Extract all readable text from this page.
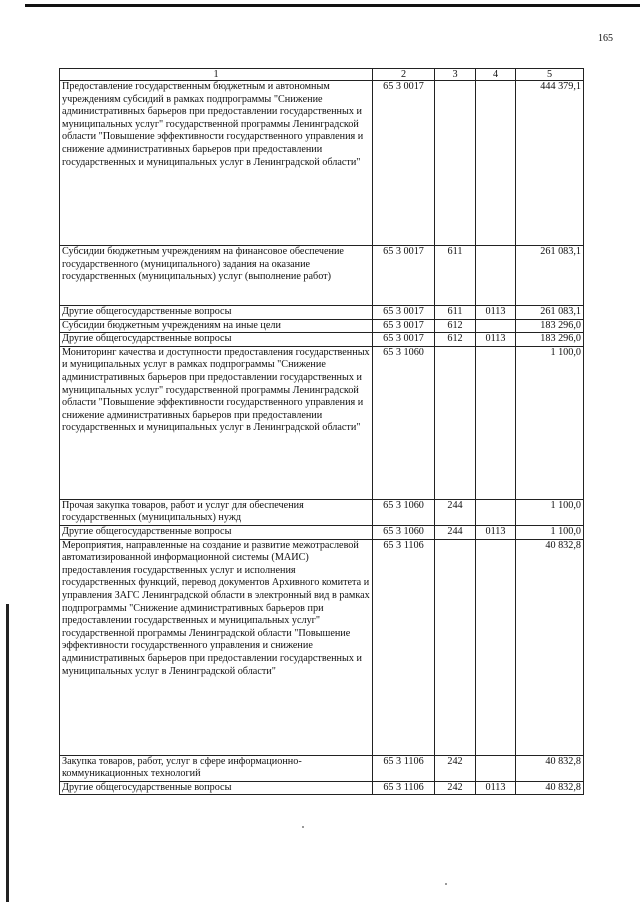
165
1	2	3	4	5
Предоставление государственным бюджетным и автономным учреждениям субсидий в рамках подпрограммы "Снижение административных барьеров при предоставлении государственных и муниципальных услуг" государственной программы Ленинградской области "Повышение эффективности государственного управления и снижение административных барьеров при предоставлении государственных и муниципальных услуг в Ленинградской области"	65 3 0017			444 379,1
Субсидии бюджетным учреждениям на финансовое обеспечение государственного (муниципального) задания на оказание государственных (муниципальных) услуг (выполнение работ)	65 3 0017	611		261 083,1
Другие общегосударственные вопросы	65 3 0017	611	0113	261 083,1
Субсидии бюджетным учреждениям на иные цели	65 3 0017	612		183 296,0
Другие общегосударственные вопросы	65 3 0017	612	0113	183 296,0
Мониторинг качества и доступности предоставления государственных и муниципальных услуг в рамках подпрограммы "Снижение административных барьеров при предоставлении государственных и муниципальных услуг" государственной программы Ленинградской области "Повышение эффективности государственного управления и снижение административных барьеров при предоставлении государственных и муниципальных услуг в Ленинградской области"	65 3 1060			1 100,0
Прочая закупка товаров, работ и услуг для обеспечения государственных (муниципальных) нужд	65 3 1060	244		1 100,0
Другие общегосударственные вопросы	65 3 1060	244	0113	1 100,0
Мероприятия, направленные на создание и развитие межотраслевой автоматизированной информационной системы (МАИС) предоставления государственных услуг и исполнения государственных функций, перевод документов Архивного комитета и управления ЗАГС Ленинградской области в электронный вид в рамках подпрограммы "Снижение административных барьеров при предоставлении государственных и муниципальных услуг" государственной программы Ленинградской области "Повышение эффективности государственного управления и снижение административных барьеров при предоставлении государственных и муниципальных услуг в Ленинградской области"	65 3 1106			40 832,8
Закупка товаров, работ, услуг в сфере информационно-коммуникационных технологий	65 3 1106	242		40 832,8
Другие общегосударственные вопросы	65 3 1106	242	0113	40 832,8
